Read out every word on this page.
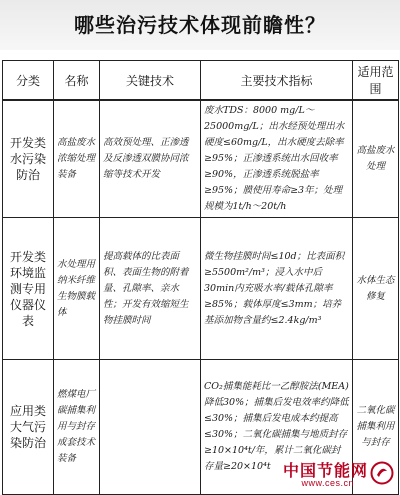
哪些治污技术体现前瞻性？
分类	名称	关键技术	主要技术指标	适用范围
开发类水污染防治	高盐废水浓缩处理装备	高效预处理、正渗透及反渗透双膜协同浓缩等技术开发	废水TDS：8000 mg/L～25000mg/L；出水经预处理出水硬度≤60mg/L，出水硬度去除率≥95%；正渗透系统出水回收率≥90%，正渗透系统脱盐率≥95%；膜使用寿命≥3年；处理规模为1t/h～20t/h	高盐废水处理
开发类环境监测专用仪器仪表	水处理用纳米纤维生物膜载体	提高载体的比表面积、表面生物的附着量、孔隙率、亲水性；开发有效缩短生物挂膜时间	微生物挂膜时间≤10d；比表面积≥5500m²/m³；浸入水中后30min内充吸水率/载体孔隙率≥85%；载体厚度≤3mm；培养基添加物含量约≤2.4kg/m³	水体生态修复
应用类大气污染防治	燃煤电厂碳捕集利用与封存成套技术装备		CO₂捕集能耗比一乙醇胺法(MEA)降低30%；捕集后发电效率约降低≤30%；捕集后发电成本约提高≤30%；二氧化碳捕集与地质封存≥10×10⁴t/年，累计二氧化碳封存量≥20×10⁴t	二氧化碳捕集利用与封存
中国节能网
www.ces.cn
